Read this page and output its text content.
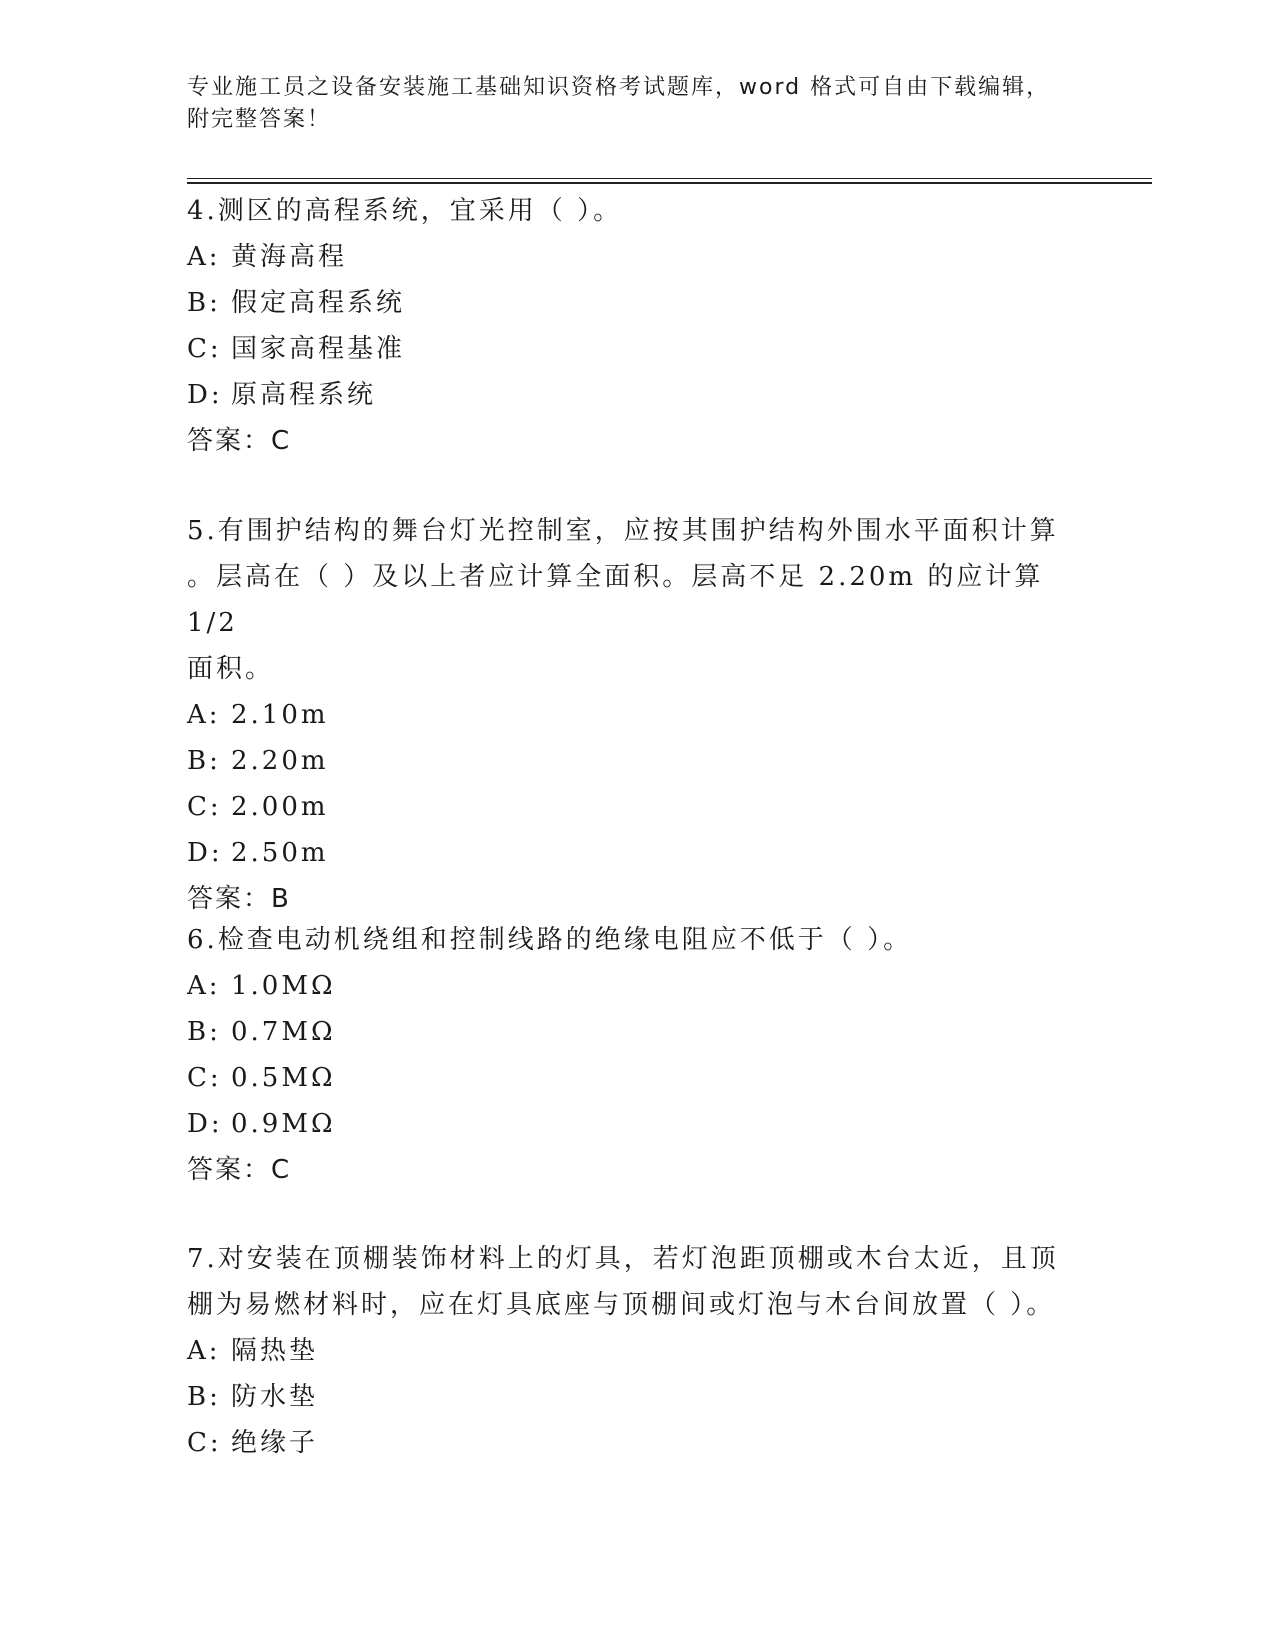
专业施工员之设备安装施工基础知识资格考试题库，word 格式可自由下载编辑，
附完整答案！

4.测区的高程系统，宜采用（ ）。

A: 黄海高程

B: 假定高程系统

C: 国家高程基准

D: 原高程系统

答案：C

5.有围护结构的舞台灯光控制室，应按其围护结构外围水平面积计算

。层高在（ ）及以上者应计算全面积。层高不足 2.20m 的应计算 1/2

面积。

A: 2.10m

B: 2.20m

C: 2.00m

D: 2.50m

答案：B

6.检查电动机绕组和控制线路的绝缘电阻应不低于（ ）。

A: 1.0MΩ

B: 0.7MΩ

C: 0.5MΩ

D: 0.9MΩ

答案：C

7.对安装在顶棚装饰材料上的灯具，若灯泡距顶棚或木台太近，且顶

棚为易燃材料时，应在灯具底座与顶棚间或灯泡与木台间放置（ ）。

A: 隔热垫

B: 防水垫

C: 绝缘子
